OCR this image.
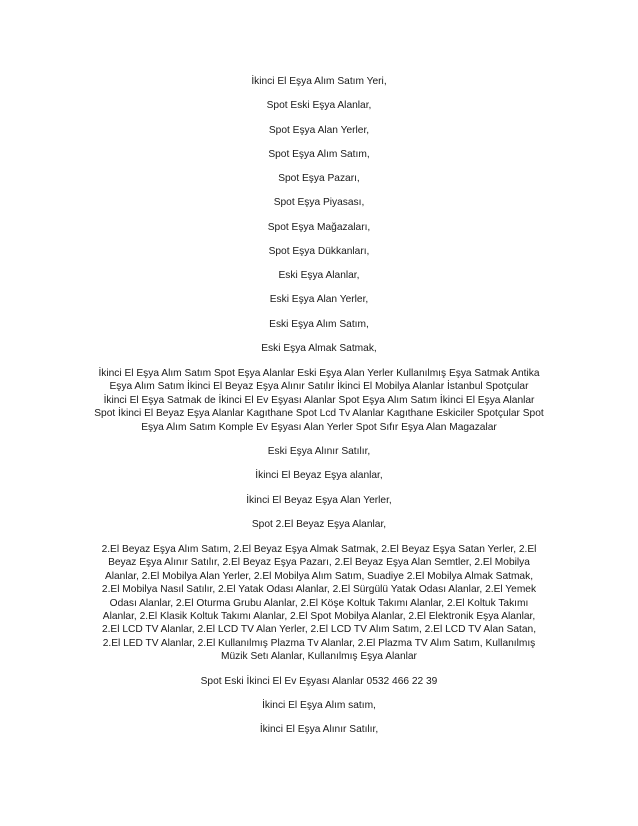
İkinci El Eşya Alım Satım Yeri,
Spot Eski Eşya Alanlar,
Spot Eşya Alan Yerler,
Spot Eşya Alım Satım,
Spot Eşya Pazarı,
Spot Eşya Piyasası,
Spot Eşya Mağazaları,
Spot Eşya Dükkanları,
Eski Eşya Alanlar,
Eski Eşya Alan Yerler,
Eski Eşya Alım Satım,
Eski Eşya Almak Satmak,
İkinci El Eşya Alım Satım Spot Eşya Alanlar Eski Eşya Alan Yerler Kullanılmış Eşya Satmak Antika
Eşya Alım Satım İkinci El Beyaz Eşya Alınır Satılır İkinci El Mobilya Alanlar İstanbul Spotçular
İkinci El Eşya Satmak de İkinci El Ev Eşyası Alanlar Spot Eşya Alım Satım İkinci El Eşya Alanlar
Spot İkinci El Beyaz Eşya Alanlar Kagıthane Spot Lcd Tv Alanlar Kagıthane Eskiciler Spotçular Spot
Eşya Alım Satım Komple Ev Eşyası Alan Yerler Spot Sıfır Eşya Alan Magazalar
Eski Eşya Alınır Satılır,
İkinci El Beyaz Eşya alanlar,
İkinci El Beyaz Eşya Alan Yerler,
Spot 2.El Beyaz Eşya Alanlar,
2.El Beyaz Eşya Alım Satım, 2.El Beyaz Eşya Almak Satmak, 2.El Beyaz Eşya Satan Yerler, 2.El
Beyaz Eşya Alınır Satılır, 2.El Beyaz Eşya Pazarı, 2.El Beyaz Eşya Alan Semtler, 2.El Mobilya
Alanlar, 2.El Mobilya Alan Yerler, 2.El Mobilya Alım Satım, Suadiye 2.El Mobilya Almak Satmak,
2.El Mobilya Nasıl Satılır, 2.El Yatak Odası Alanlar, 2.El Sürgülü Yatak Odası Alanlar, 2.El Yemek
Odası Alanlar, 2.El Oturma Grubu Alanlar, 2.El Köşe Koltuk Takımı Alanlar, 2.El Koltuk Takımı
Alanlar, 2.El Klasik Koltuk Takımı Alanlar, 2.El Spot Mobilya Alanlar, 2.El Elektronik Eşya Alanlar,
2.El LCD TV Alanlar, 2.El LCD TV Alan Yerler, 2.El LCD TV Alım Satım, 2.El LCD TV Alan Satan,
2.El LED TV Alanlar, 2.El Kullanılmış Plazma Tv Alanlar, 2.El Plazma TV Alım Satım, Kullanılmış
Müzik Setı Alanlar, Kullanılmış Eşya Alanlar
Spot Eski İkinci El Ev Eşyası Alanlar 0532 466 22 39
İkinci El Eşya Alım satım,
İkinci El Eşya Alınır Satılır,
